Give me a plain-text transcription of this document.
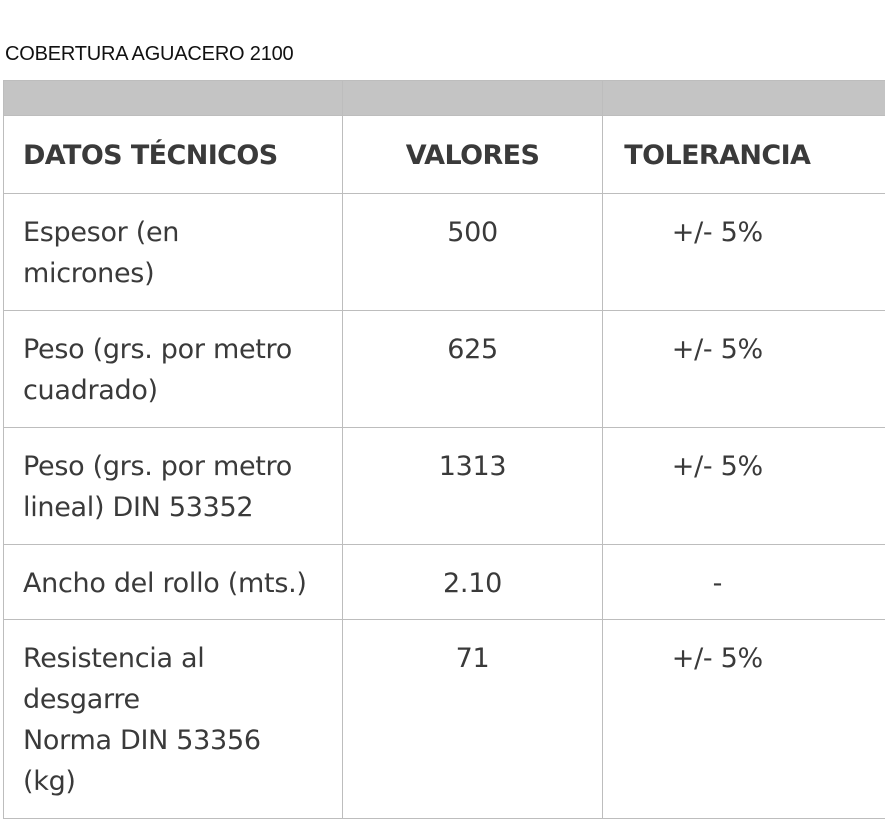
COBERTURA AGUACERO 2100

DATOS TÉCNICOS	VALORES	TOLERANCIA

Espesor (en
micrones)	500	+/- 5%

Peso (grs. por metro
cuadrado)	625	+/- 5%

Peso (grs. por metro
lineal) DIN 53352	1313	+/- 5%

Ancho del rollo (mts.)	2.10	-

Resistencia al
desgarre
Norma DIN 53356
(kg)	71	+/- 5%
